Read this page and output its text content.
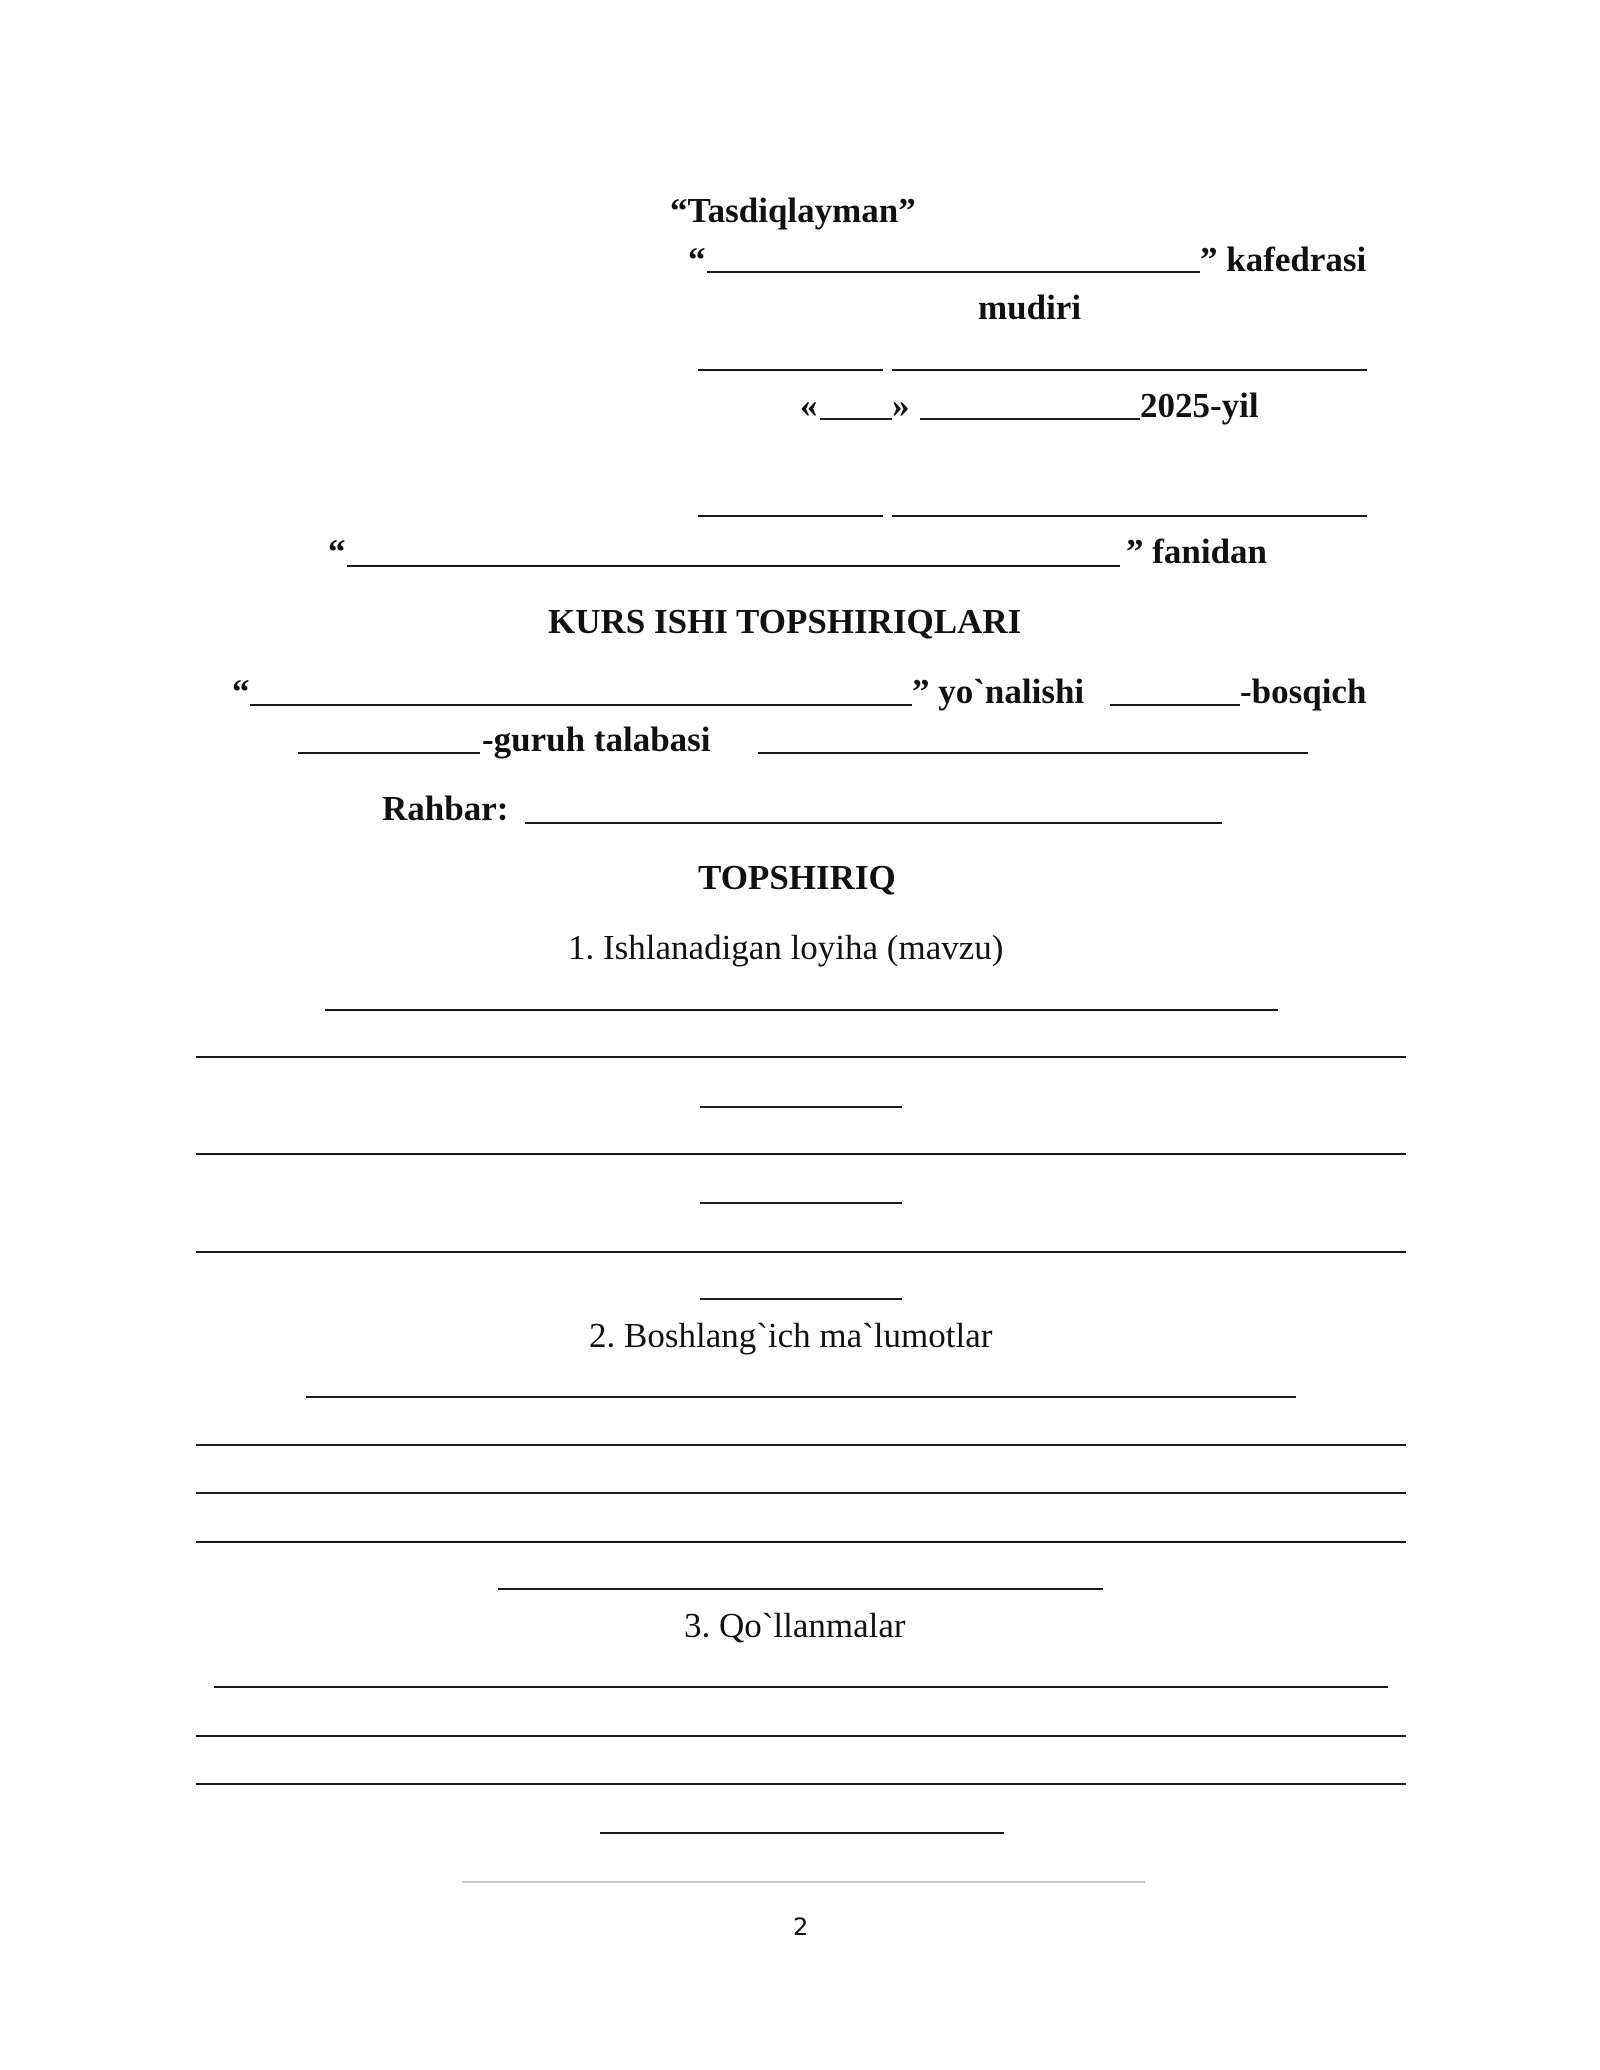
“Tasdiqlayman”
“	” kafedrasi
mudiri
« »	2025-yil
“	” fanidan
KURS ISHI TOPSHIRIQLARI
“	” yo`nalishi	-bosqich
-guruh talabasi
Rahbar:
TOPSHIRIQ
1. Ishlanadigan loyiha (mavzu)
2. Boshlang`ich ma`lumotlar
3. Qo`llanmalar
2
